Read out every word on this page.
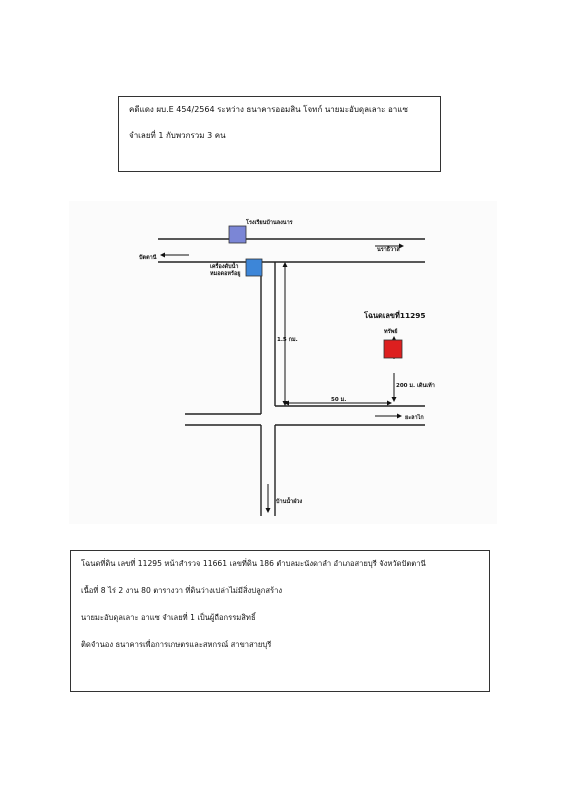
คดีแดง ผบ.E 454/2564 ระหว่าง ธนาคารออมสิน โจทก์ นายมะอับดุลเลาะ อาแซ
จำเลยที่ 1 กับพวกรวม 3 คน
โรงเรียนบ้านลงนาร
นราธิวาส
ปัตตานี
เครื่องดับน้ำ
หมอดอหร้อยู
1.5 กม.
200 ม. เดินเท้า
50 ม.
ยะลาไก
บ้านน้ำฝ่วง
โฉนดเลขที่11295
ทรัพย์
โฉนดที่ดิน เลขที่ 11295 หน้าสำรวจ 11661 เลขที่ดิน 186 ตำบลมะนังดาลำ อำเภอสายบุรี จังหวัดปัตตานี
เนื้อที่ 8 ไร่ 2 งาน 80 ตารางวา ที่ดินว่างเปล่าไม่มีสิ่งปลูกสร้าง
นายมะอับดุลเลาะ อาแซ จำเลยที่ 1 เป็นผู้ถือกรรมสิทธิ์
ติดจำนอง ธนาคารเพื่อการเกษตรและสหกรณ์ สาขาสายบุรี
